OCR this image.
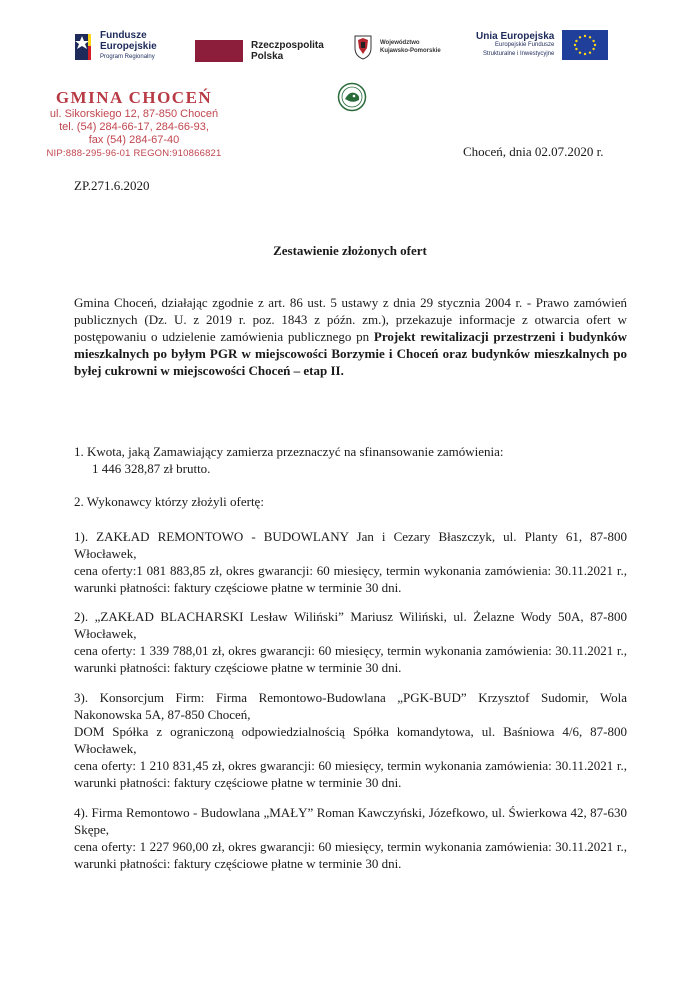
Fundusze
Europejskie
Program Regionalny
Rzeczpospolita
Polska
Województwo
Kujawsko-Pomorskie
Unia Europejska
Europejskie Fundusze
Strukturalne i Inwestycyjne
GMINA CHOCEŃ
ul. Sikorskiego 12, 87-850 Choceń
tel. (54) 284-66-17, 284-66-93,
fax (54) 284-67-40
NIP:888-295-96-01 REGON:910866821	Choceń, dnia 02.07.2020 r.
ZP.271.6.2020
Zestawienie złożonych ofert
Gmina Choceń, działając zgodnie z art. 86 ust. 5 ustawy z dnia 29 stycznia 2004 r. - Prawo zamówień publicznych (Dz. U. z 2019 r. poz. 1843 z późn. zm.), przekazuje informacje z otwarcia ofert w postępowaniu o udzielenie zamówienia publicznego pn Projekt rewitalizacji przestrzeni i budynków mieszkalnych po byłym PGR w miejscowości Borzymie i Choceń oraz budynków mieszkalnych po byłej cukrowni w miejscowości Choceń – etap II.
1. Kwota, jaką Zamawiający zamierza przeznaczyć na sfinansowanie zamówienia:
1 446 328,87 zł brutto.
2. Wykonawcy którzy złożyli ofertę:
1). ZAKŁAD REMONTOWO - BUDOWLANY Jan i Cezary Błaszczyk, ul. Planty 61, 87-800 Włocławek,
cena oferty:1 081 883,85 zł, okres gwarancji: 60 miesięcy, termin wykonania zamówienia: 30.11.2021 r., warunki płatności: faktury częściowe płatne w terminie 30 dni.
2). „ZAKŁAD BLACHARSKI Lesław Wiliński” Mariusz Wiliński, ul. Żelazne Wody 50A, 87-800 Włocławek,
cena oferty: 1 339 788,01 zł, okres gwarancji: 60 miesięcy, termin wykonania zamówienia: 30.11.2021 r., warunki płatności: faktury częściowe płatne w terminie 30 dni.
3). Konsorcjum Firm: Firma Remontowo-Budowlana „PGK-BUD” Krzysztof Sudomir, Wola Nakonowska 5A, 87-850 Choceń,
DOM Spółka z ograniczoną odpowiedzialnością Spółka komandytowa, ul. Baśniowa 4/6, 87-800 Włocławek,
cena oferty: 1 210 831,45 zł, okres gwarancji: 60 miesięcy, termin wykonania zamówienia: 30.11.2021 r., warunki płatności: faktury częściowe płatne w terminie 30 dni.
4). Firma Remontowo - Budowlana „MAŁY” Roman Kawczyński, Józefkowo, ul. Świerkowa 42, 87-630 Skępe,
cena oferty: 1 227 960,00 zł, okres gwarancji: 60 miesięcy, termin wykonania zamówienia: 30.11.2021 r., warunki płatności: faktury częściowe płatne w terminie 30 dni.
